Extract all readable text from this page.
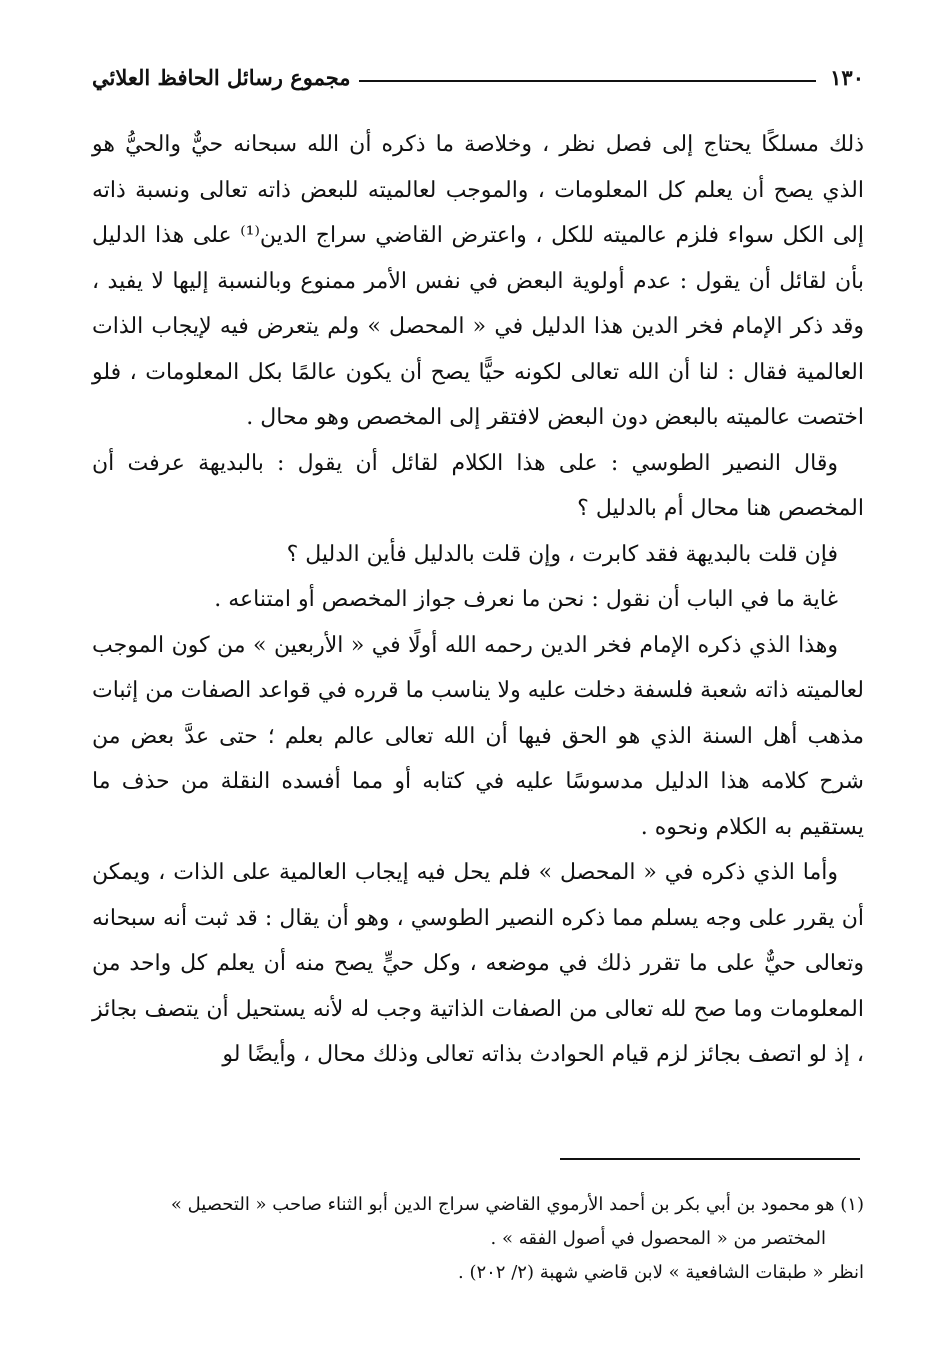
١٣٠
مجموع رسائل الحافظ العلائي

ذلك مسلكًا يحتاج إلى فصل نظر ، وخلاصة ما ذكره أن الله سبحانه حيٌّ والحيُّ هو الذي يصح أن يعلم كل المعلومات ، والموجب لعالميته للبعض ذاته تعالى ونسبة ذاته إلى الكل سواء فلزم عالميته للكل ، واعترض القاضي سراج الدين⁽¹⁾ على هذا الدليل بأن لقائل أن يقول : عدم أولوية البعض في نفس الأمر ممنوع وبالنسبة إليها لا يفيد ، وقد ذكر الإمام فخر الدين هذا الدليل في « المحصل » ولم يتعرض فيه لإيجاب الذات العالمية فقال : لنا أن الله تعالى لكونه حيًّا يصح أن يكون عالمًا بكل المعلومات ، فلو اختصت عالميته بالبعض دون البعض لافتقر إلى المخصص وهو محال .

وقال النصير الطوسي : على هذا الكلام لقائل أن يقول : بالبديهة عرفت أن المخصص هنا محال أم بالدليل ؟

فإن قلت بالبديهة فقد كابرت ، وإن قلت بالدليل فأين الدليل ؟

غاية ما في الباب أن نقول : نحن ما نعرف جواز المخصص أو امتناعه .

وهذا الذي ذكره الإمام فخر الدين رحمه الله أولًا في « الأربعين » من كون الموجب لعالميته ذاته شعبة فلسفة دخلت عليه ولا يناسب ما قرره في قواعد الصفات من إثبات مذهب أهل السنة الذي هو الحق فيها أن الله تعالى عالم بعلم ؛ حتى عدَّ بعض من شرح كلامه هذا الدليل مدسوسًا عليه في كتابه أو مما أفسده النقلة من حذف ما يستقيم به الكلام ونحوه .

وأما الذي ذكره في « المحصل » فلم يحل فيه إيجاب العالمية على الذات ، ويمكن أن يقرر على وجه يسلم مما ذكره النصير الطوسي ، وهو أن يقال : قد ثبت أنه سبحانه وتعالى حيٌّ على ما تقرر ذلك في موضعه ، وكل حيٍّ يصح منه أن يعلم كل واحد من المعلومات وما صح لله تعالى من الصفات الذاتية وجب له لأنه يستحيل أن يتصف بجائز ، إذ لو اتصف بجائز لزم قيام الحوادث بذاته تعالى وذلك محال ، وأيضًا لو

(١) هو محمود بن أبي بكر بن أحمد الأرموي القاضي سراج الدين أبو الثناء صاحب « التحصيل »

المختصر من « المحصول في أصول الفقه » .

انظر « طبقات الشافعية » لابن قاضي شهبة (٢/ ٢٠٢) .
